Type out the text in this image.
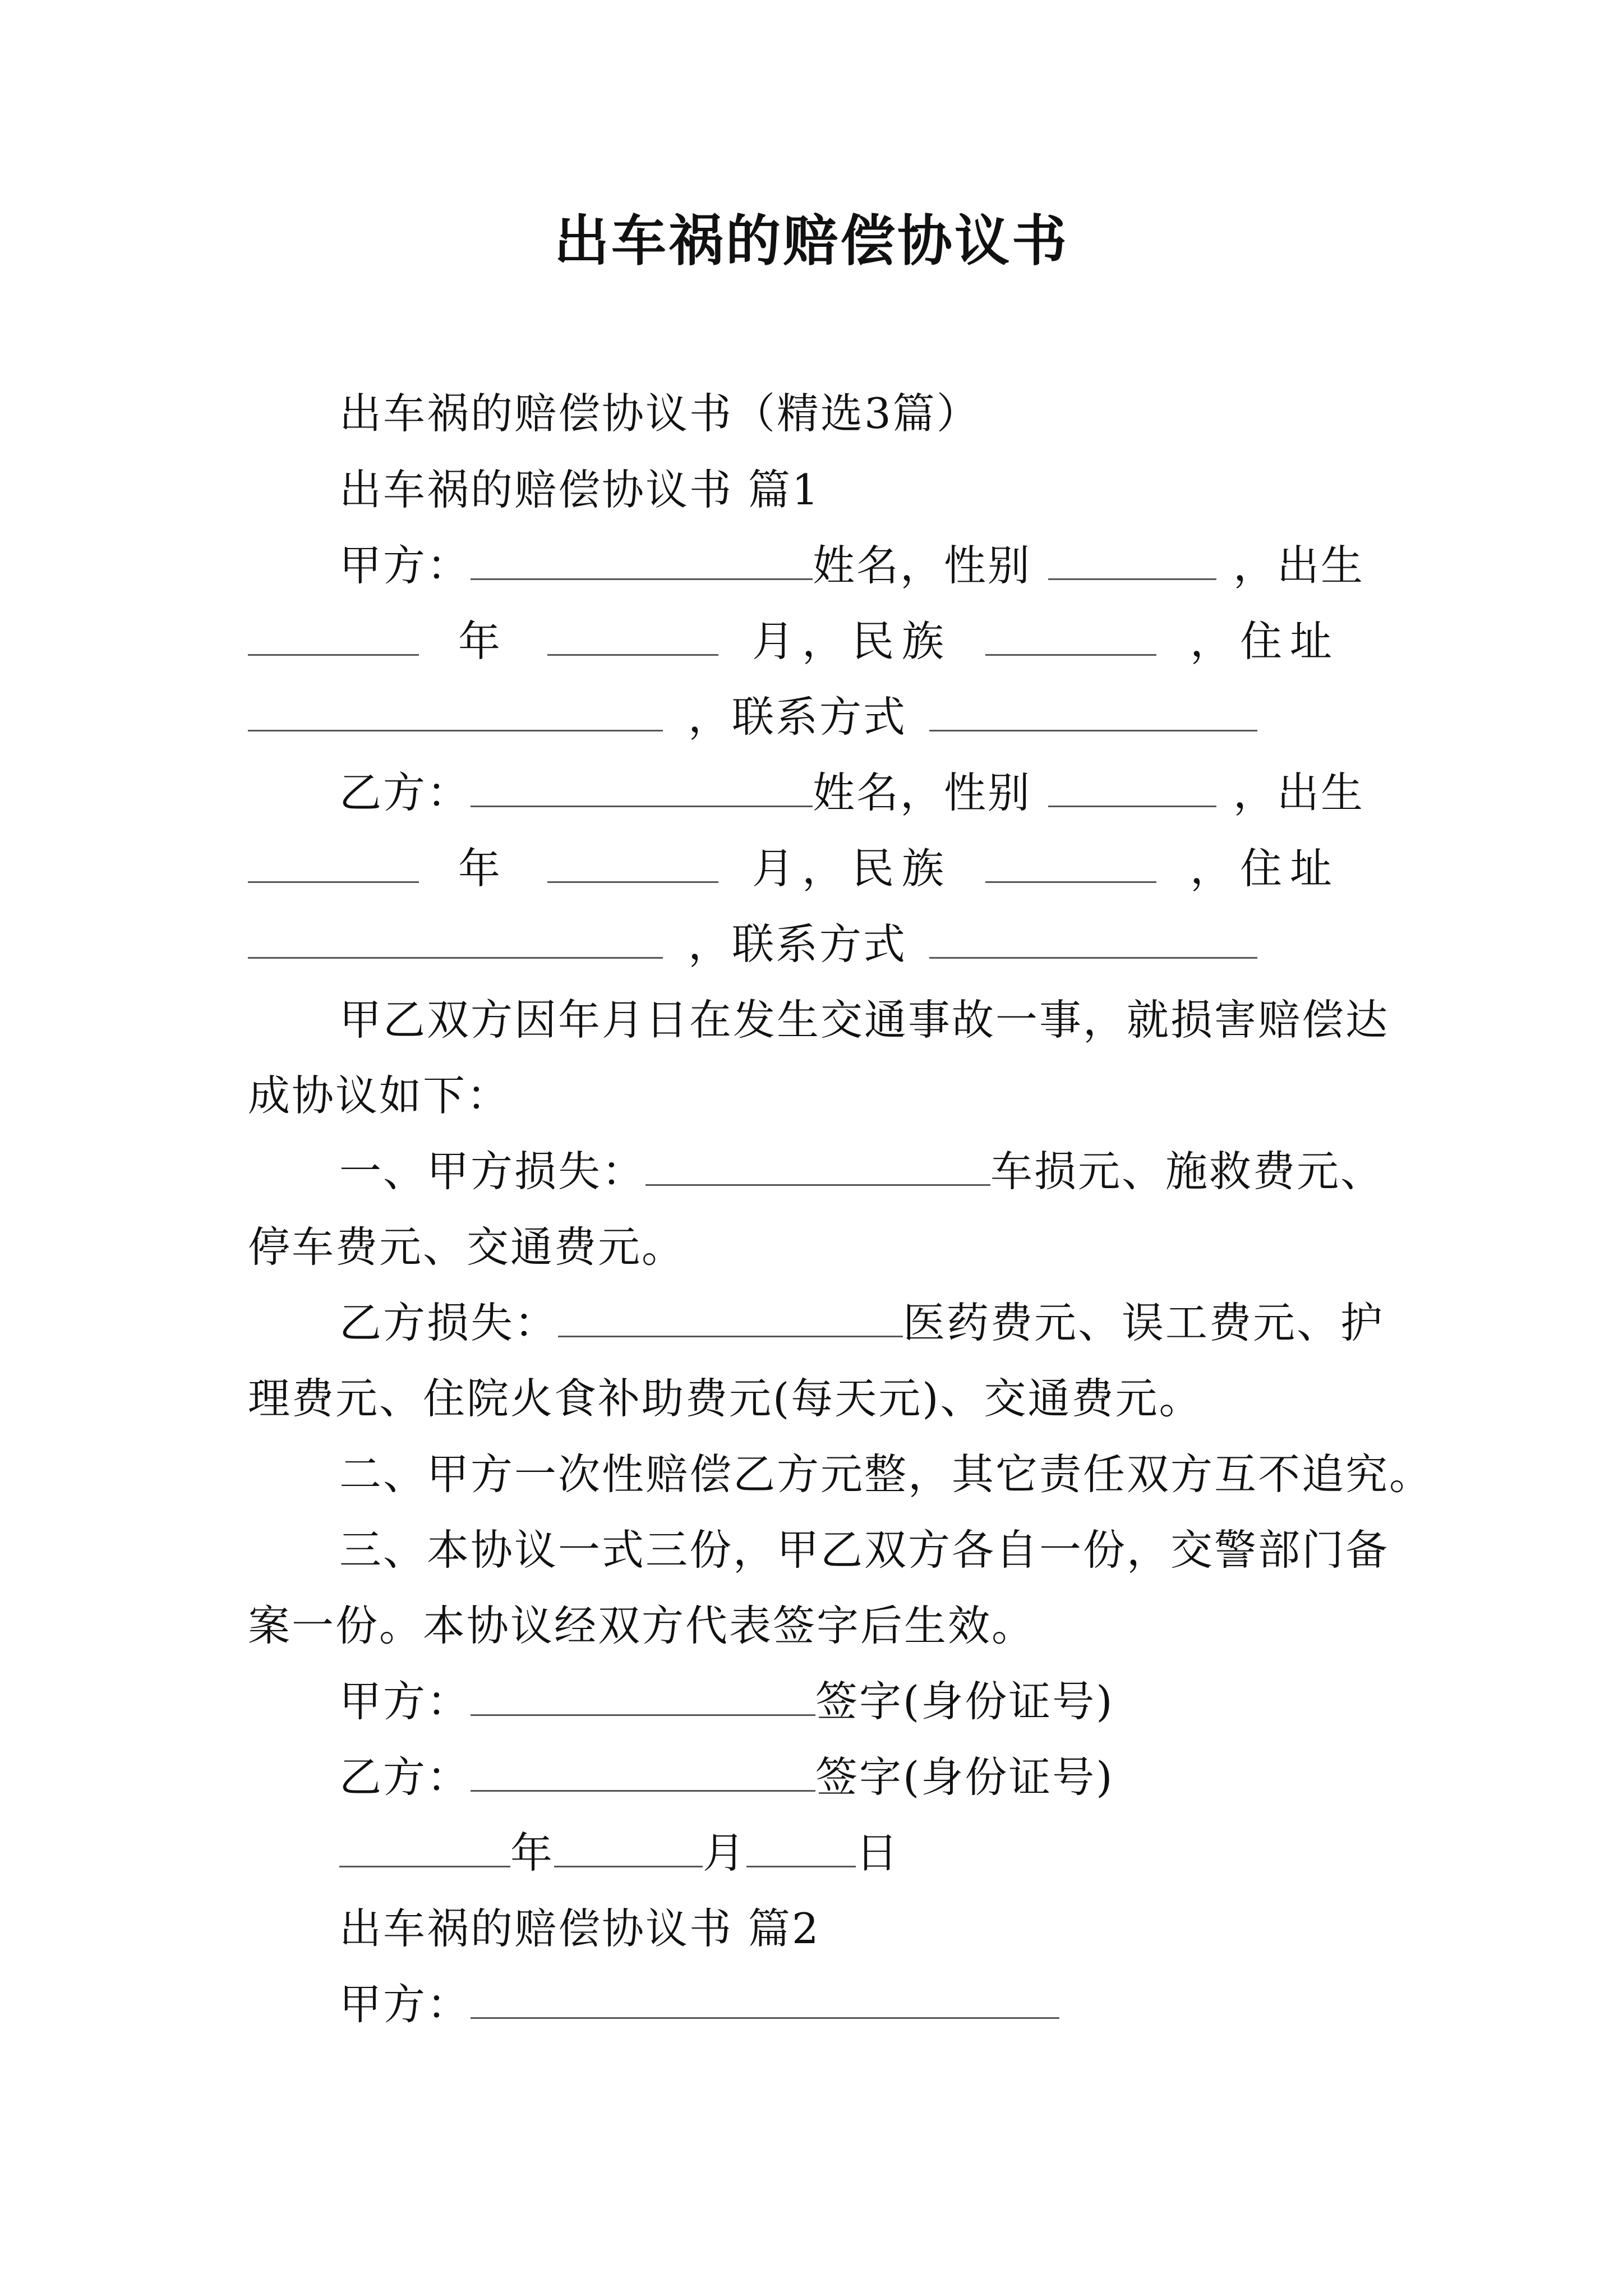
出车祸的赔偿协议书
出车祸的赔偿协议书（精选3篇）
出车祸的赔偿协议书 篇1
甲方：	姓名，性别	，出生
年	月，民族	，住址
，联系方式
乙方：	姓名，性别	，出生
年	月，民族	，住址
，联系方式
甲乙双方因年月日在发生交通事故一事，就损害赔偿达
成协议如下：
一、甲方损失：	车损元、施救费元、
停车费元、交通费元。
乙方损失：	医药费元、误工费元、护
理费元、住院火食补助费元(每天元)、交通费元。
二、甲方一次性赔偿乙方元整，其它责任双方互不追究。
三、本协议一式三份，甲乙双方各自一份，交警部门备
案一份。本协议经双方代表签字后生效。
甲方：	签字(身份证号)
乙方：	签字(身份证号)
年	月	日
出车祸的赔偿协议书 篇2
甲方：
